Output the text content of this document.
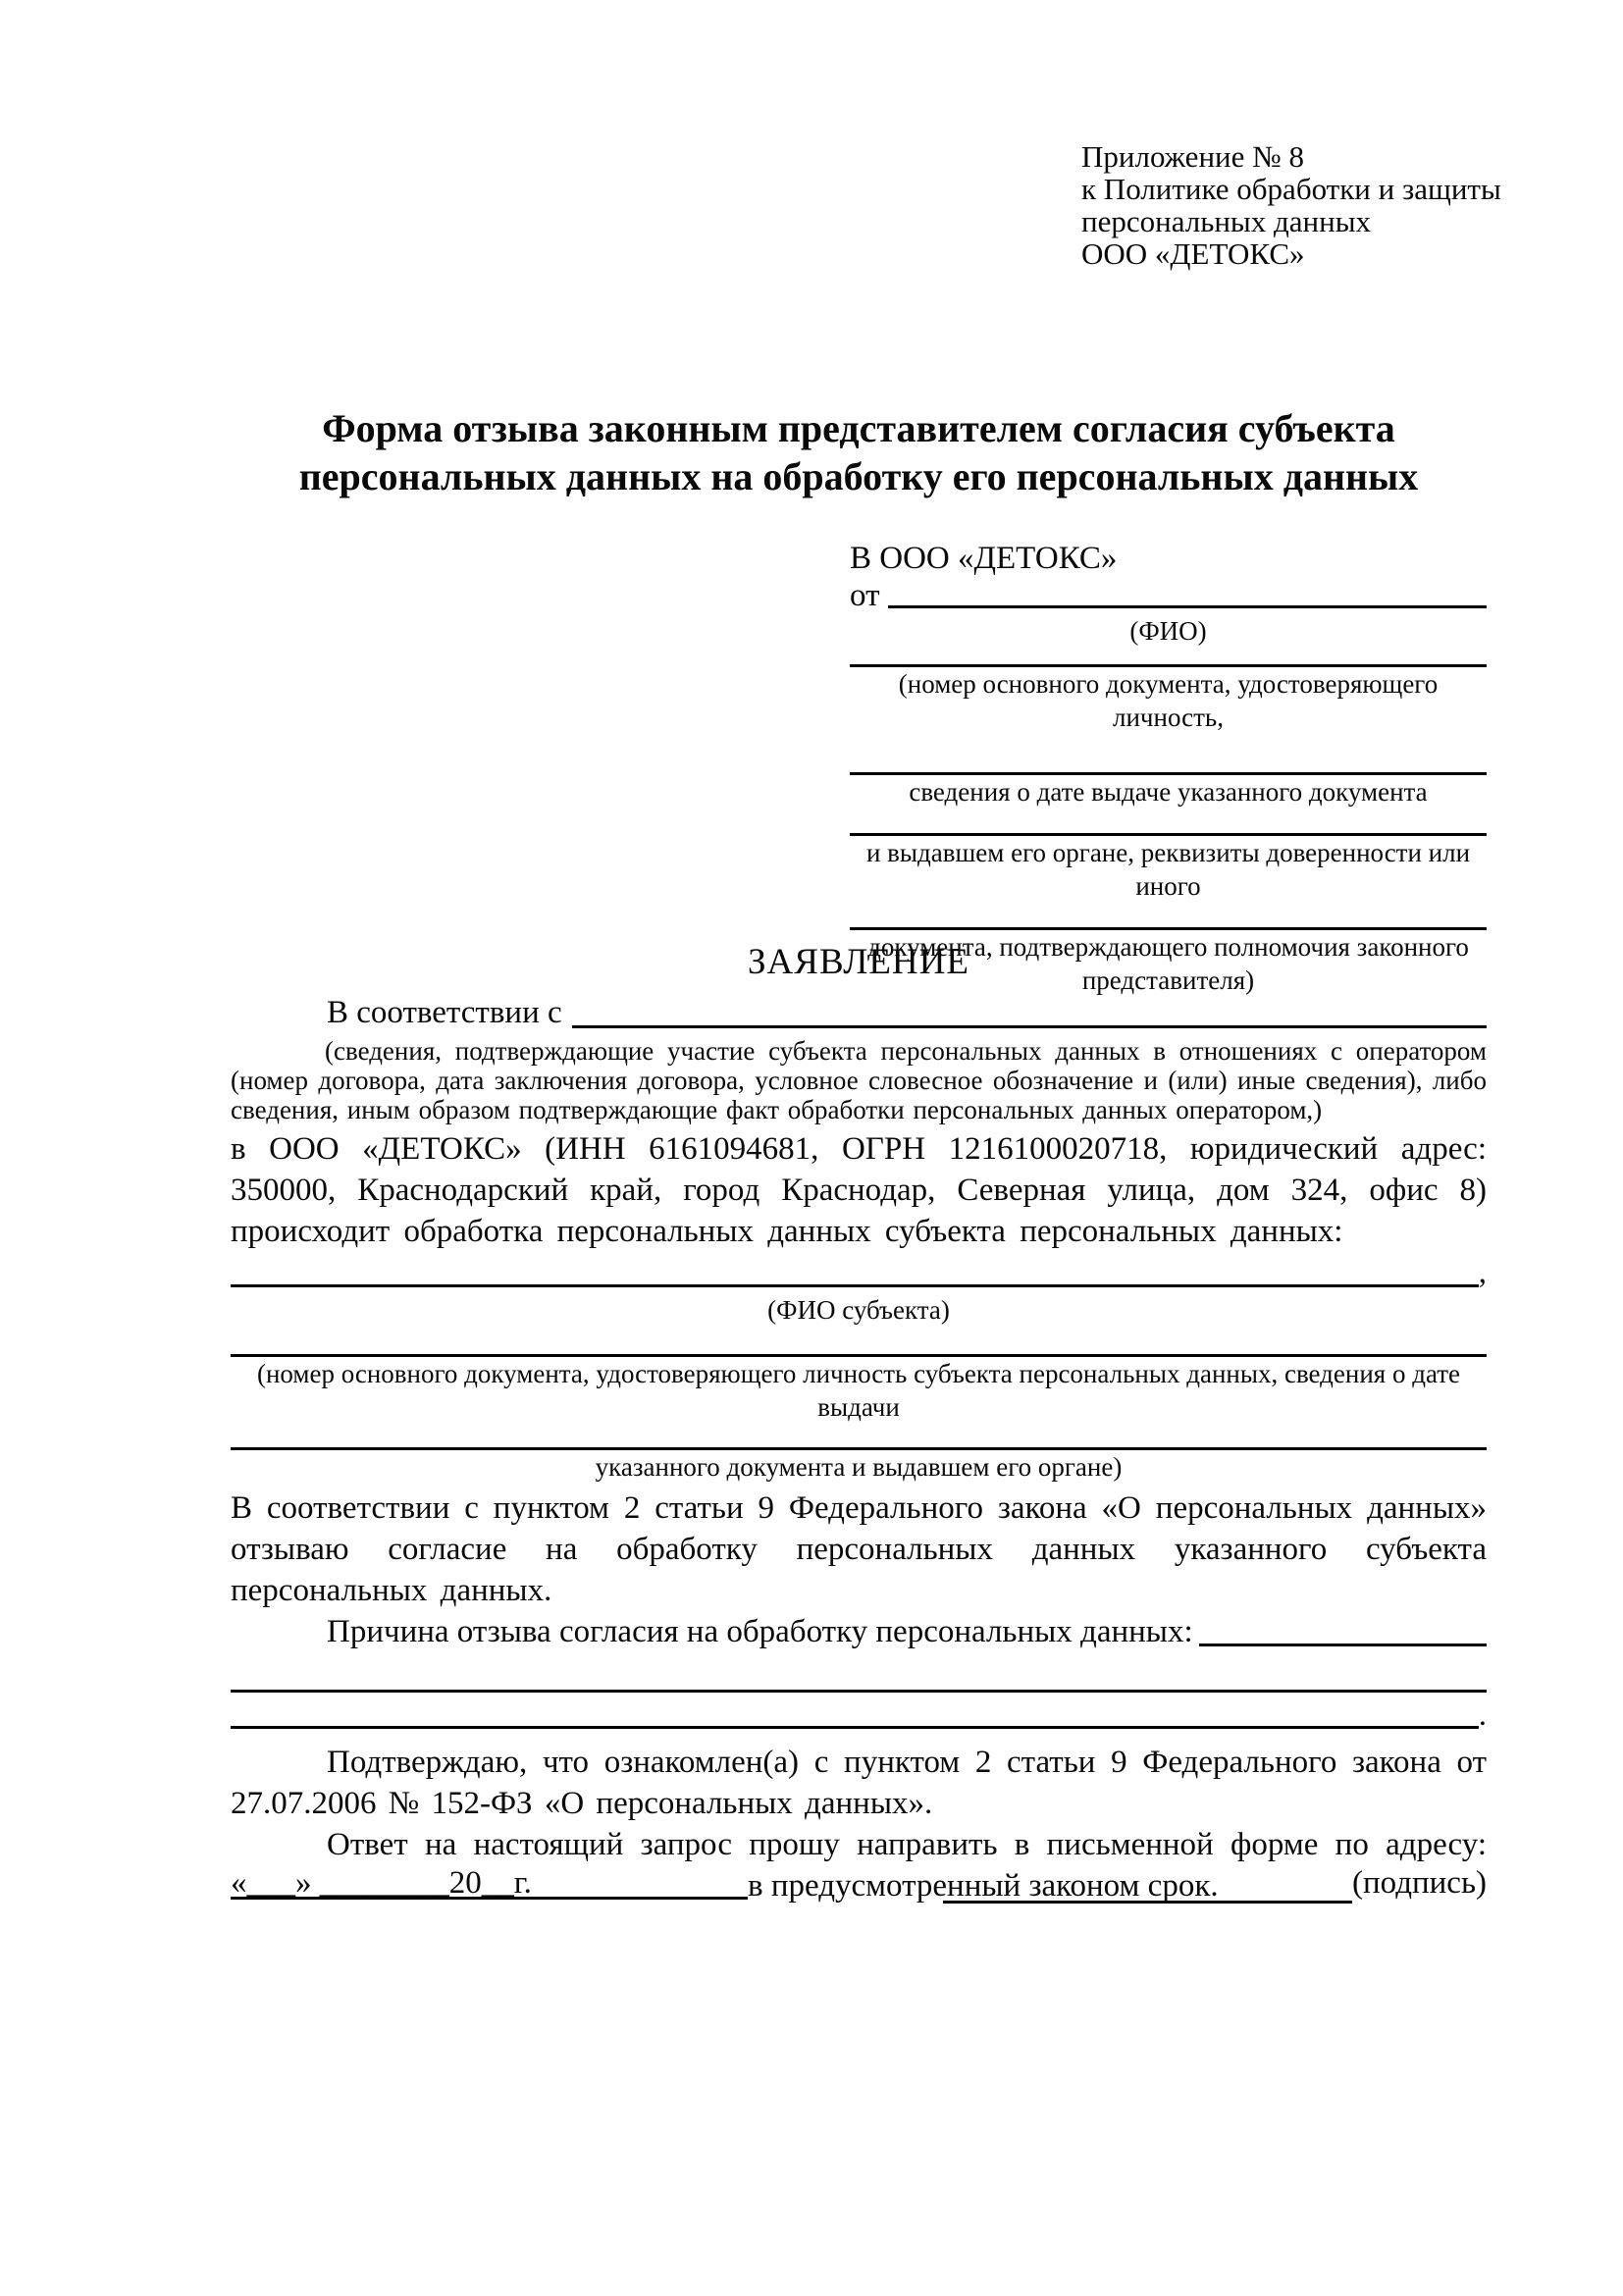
Приложение № 8
к Политике обработки и защиты
персональных данных
ООО «ДЕТОКС»
Форма отзыва законным представителем согласия субъекта
персональных данных на обработку его персональных данных
В ООО «ДЕТОКС»
от
(ФИО)
(номер основного документа, удостоверяющего личность,
сведения о дате выдаче указанного документа
и выдавшем его органе, реквизиты доверенности или иного
документа, подтверждающего полномочия законного представителя)
ЗАЯВЛЕНИЕ
В соответствии с
(сведения, подтверждающие участие субъекта персональных данных в отношениях с оператором (номер договора, дата заключения договора, условное словесное обозначение и (или) иные сведения), либо сведения, иным образом подтверждающие факт обработки персональных данных оператором,)
в ООО «ДЕТОКС» (ИНН 6161094681, ОГРН 1216100020718, юридический адрес: 350000, Краснодарский край, город Краснодар, Северная улица, дом 324, офис 8) происходит обработка персональных данных субъекта персональных данных:
,
(ФИО субъекта)
(номер основного документа, удостоверяющего личность субъекта персональных данных, сведения о дате выдачи
указанного документа и выдавшем его органе)
В соответствии с пунктом 2 статьи 9 Федерального закона «О персональных данных» отзываю согласие на обработку персональных данных указанного субъекта персональных данных.
Причина отзыва согласия на обработку персональных данных:
.
Подтверждаю, что ознакомлен(а) с пунктом 2 статьи 9 Федерального закона от 27.07.2006 № 152-ФЗ «О персональных данных».
Ответ на настоящий запрос прошу направить в письменной форме по адресу:
в предусмотренный законом срок.
«___» ________20__г.	(подпись)
